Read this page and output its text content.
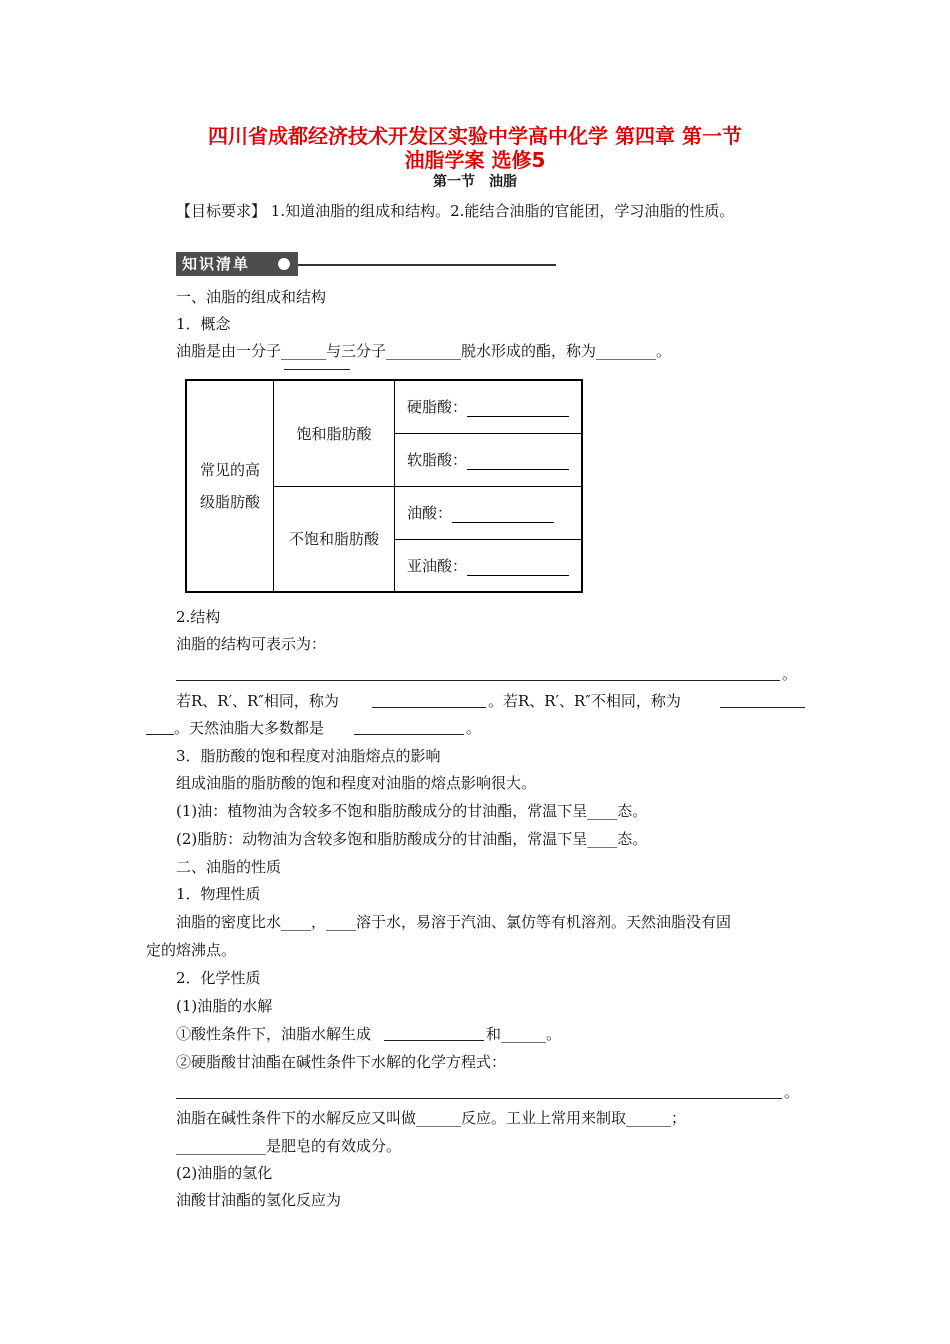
四川省成都经济技术开发区实验中学高中化学 第四章 第一节
油脂学案 选修5
第一节　油脂
【目标要求】 1.知道油脂的组成和结构。2.能结合油脂的官能团，学习油脂的性质。
知识清单
一、油脂的组成和结构
1．概念
油脂是由一分子______与三分子__________脱水形成的酯，称为________。
常见的高
级脂肪酸	饱和脂肪酸	硬脂酸：
		软脂酸：
	不饱和脂肪酸	油酸：
		亚油酸：
2.结构
油脂的结构可表示为：
。
若R、R′、R″相同，称为	。若R、R′、R″不相同，称为
。天然油脂大多数都是	。
3．脂肪酸的饱和程度对油脂熔点的影响
组成油脂的脂肪酸的饱和程度对油脂的熔点影响很大。
(1)油：植物油为含较多不饱和脂肪酸成分的甘油酯，常温下呈____态。
(2)脂肪：动物油为含较多饱和脂肪酸成分的甘油酯，常温下呈____态。
二、油脂的性质
1．物理性质
油脂的密度比水____，____溶于水，易溶于汽油、氯仿等有机溶剂。天然油脂没有固
定的熔沸点。
2．化学性质
(1)油脂的水解
①酸性条件下，油脂水解生成	和______。
②硬脂酸甘油酯在碱性条件下水解的化学方程式：
。
油脂在碱性条件下的水解反应又叫做______反应。工业上常用来制取______；
____________是肥皂的有效成分。
(2)油脂的氢化
油酸甘油酯的氢化反应为
